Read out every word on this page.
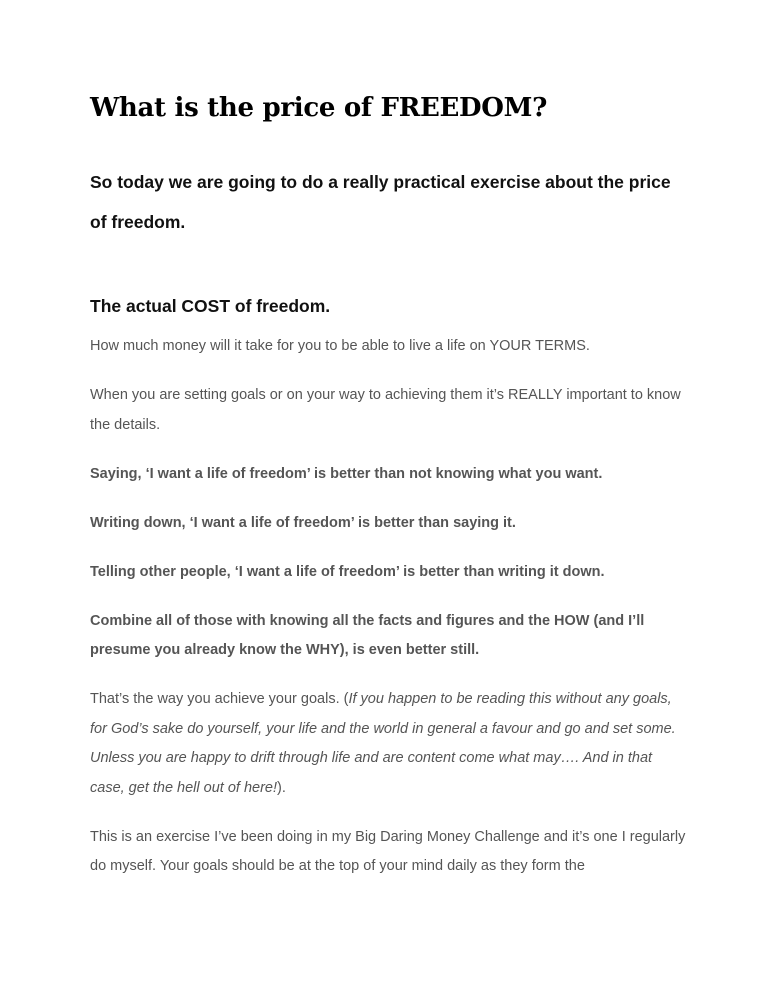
What is the price of FREEDOM?

So today we are going to do a really practical exercise about the price of freedom.

The actual COST of freedom.

How much money will it take for you to be able to live a life on YOUR TERMS.

When you are setting goals or on your way to achieving them it’s REALLY important to know the details.

Saying, ‘I want a life of freedom’ is better than not knowing what you want.

Writing down, ‘I want a life of freedom’ is better than saying it.

Telling other people, ‘I want a life of freedom’ is better than writing it down.

Combine all of those with knowing all the facts and figures and the HOW (and I’ll presume you already know the WHY), is even better still.

That’s the way you achieve your goals. (If you happen to be reading this without any goals, for God’s sake do yourself, your life and the world in general a favour and go and set some. Unless you are happy to drift through life and are content come what may…. And in that case, get the hell out of here!).

This is an exercise I’ve been doing in my Big Daring Money Challenge and it’s one I regularly do myself. Your goals should be at the top of your mind daily as they form the
